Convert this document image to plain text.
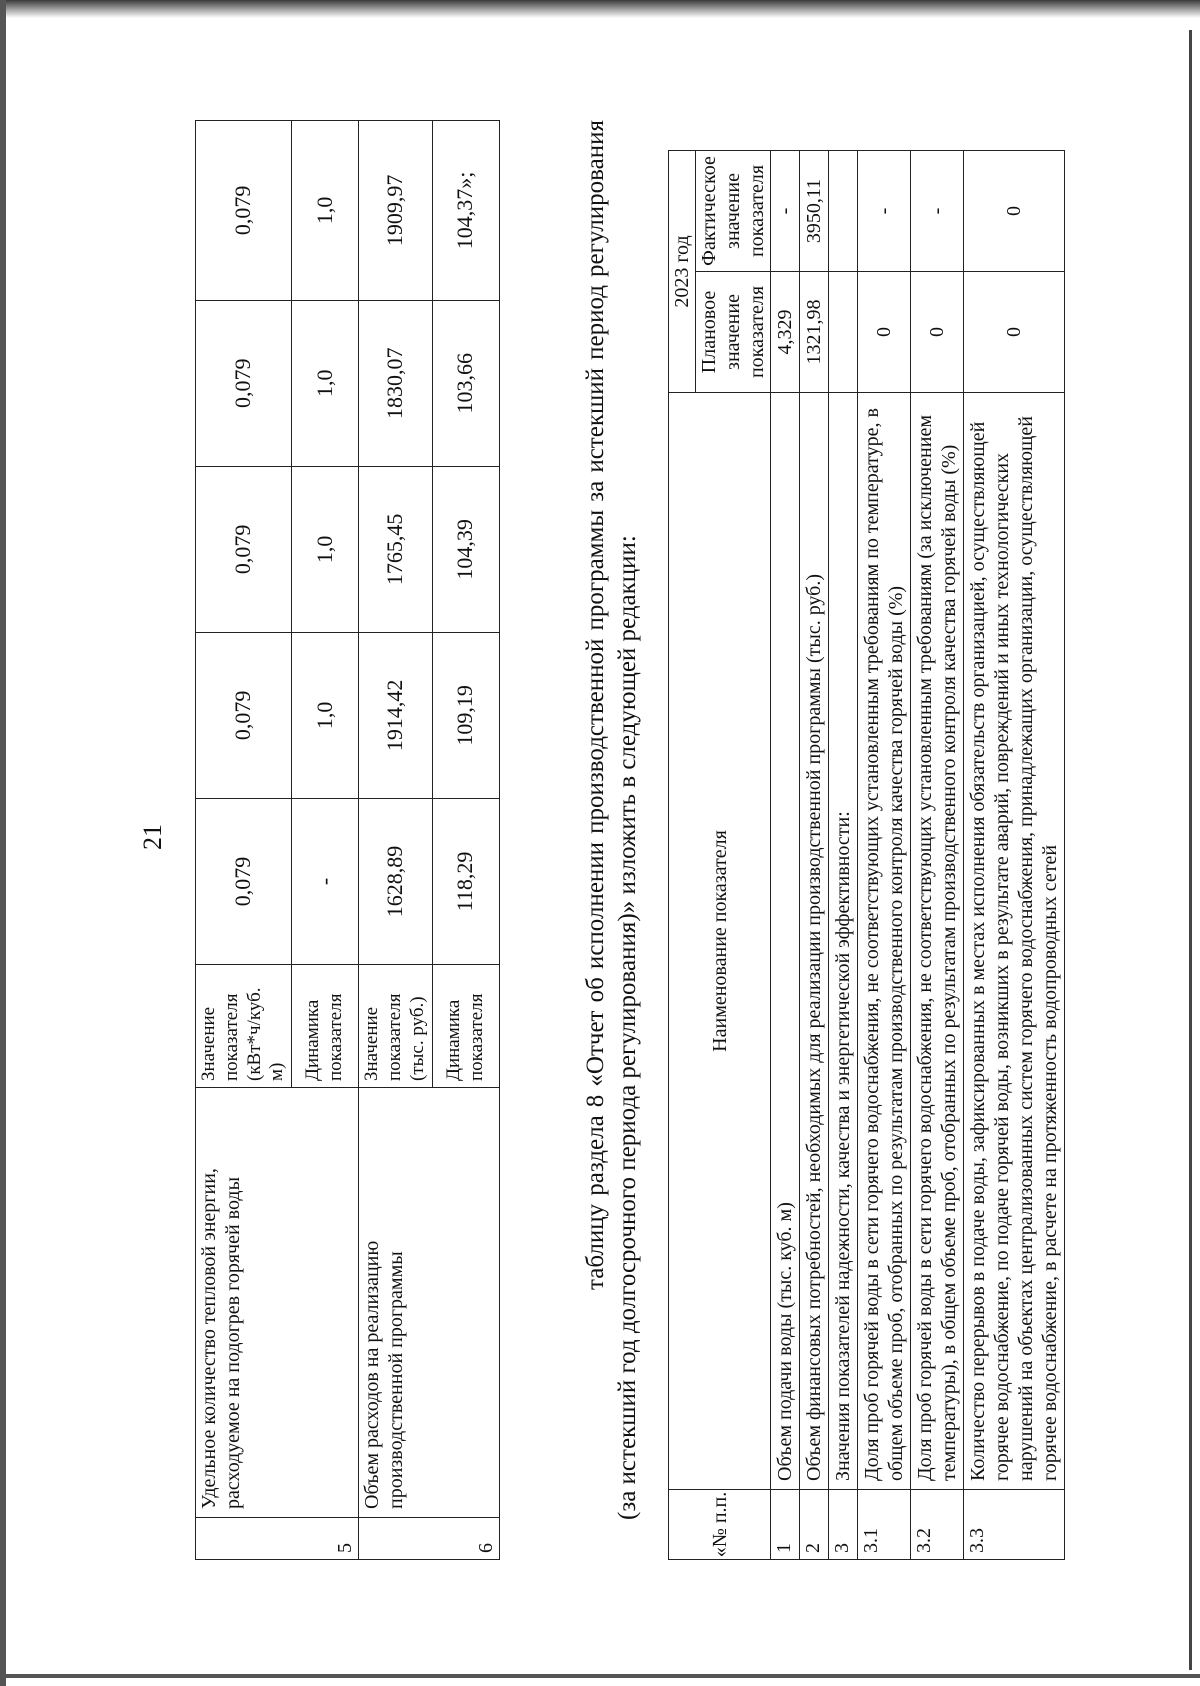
21
5	Удельное количество тепловой энергии, расходуемое на подогрев горячей воды	Значение показателя (кВт*ч/куб. м)	0,079	0,079	0,079	0,079	0,079
		Динамика показателя	-	1,0	1,0	1,0	1,0
6	Объем расходов на реализацию производственной программы	Значение показателя (тыс. руб.)	1628,89	1914,42	1765,45	1830,07	1909,97
		Динамика показателя	118,29	109,19	104,39	103,66	104,37»;	таблицу раздела 8 «Отчет об исполнении производственной программы за истекший период регулирования (за истекший год долгосрочного периода регулирования)» изложить в следующей редакции:
«№ п.п.	Наименование показателя	2023 год	
		Плановое значение показателя	Фактическое значение показателя
1	Объем подачи воды (тыс. куб. м)	4,329	-
2	Объем финансовых потребностей, необходимых для реализации производственной программы (тыс. руб.)	1321,98	3950,11
3	Значения показателей надежности, качества и энергетической эффективности:		
3.1	Доля проб горячей воды в сети горячего водоснабжения, не соответствующих установленным требованиям по температуре, в общем объеме проб, отобранных по результатам производственного контроля качества горячей воды (%)	0	-
3.2	Доля проб горячей воды в сети горячего водоснабжения, не соответствующих установленным требованиям (за исключением температуры), в общем объеме проб, отобранных по результатам производственного контроля качества горячей воды (%)	0	-
3.3	Количество перерывов в подаче воды, зафиксированных в местах исполнения обязательств организацией, осуществляющей горячее водоснабжение, по подаче горячей воды, возникших в результате аварий, повреждений и иных технологических нарушений на объектах централизованных систем горячего водоснабжения, принадлежащих организации, осуществляющей горячее водоснабжение, в расчете на протяженность водопроводных сетей	0	0
